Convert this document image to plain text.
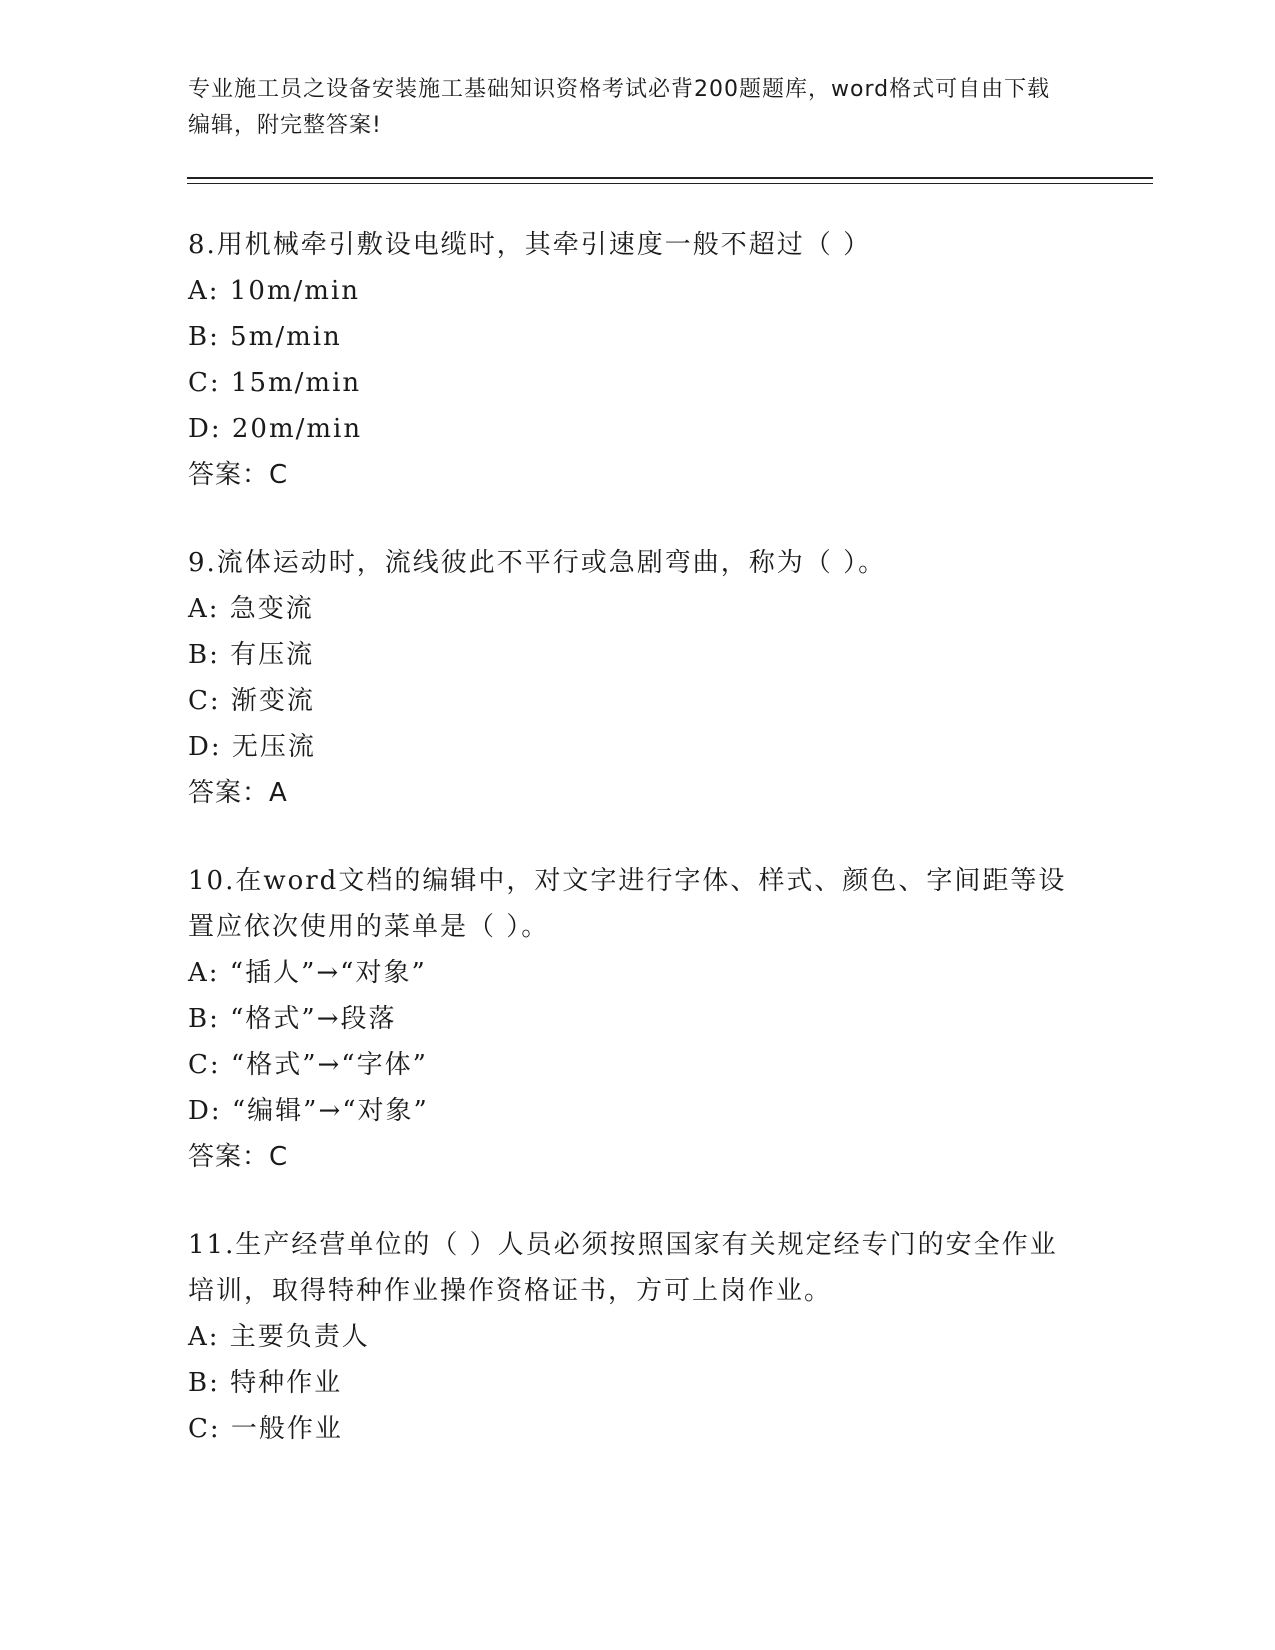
专业施工员之设备安装施工基础知识资格考试必背200题题库，word格式可自由下载编辑，附完整答案!
8.用机械牵引敷设电缆时，其牵引速度一般不超过（ ）
A: 10m/min
B: 5m/min
C: 15m/min
D: 20m/min
答案：C
9.流体运动时，流线彼此不平行或急剧弯曲，称为（ ）。
A: 急变流
B: 有压流
C: 渐变流
D: 无压流
答案：A
10.在word文档的编辑中，对文字进行字体、样式、颜色、字间距等设置应依次使用的菜单是（ ）。
A: “插人”→“对象”
B: “格式”→段落
C: “格式”→“字体”
D: “编辑”→“对象”
答案：C
11.生产经营单位的（ ）人员必须按照国家有关规定经专门的安全作业培训，取得特种作业操作资格证书，方可上岗作业。
A: 主要负责人
B: 特种作业
C: 一般作业
